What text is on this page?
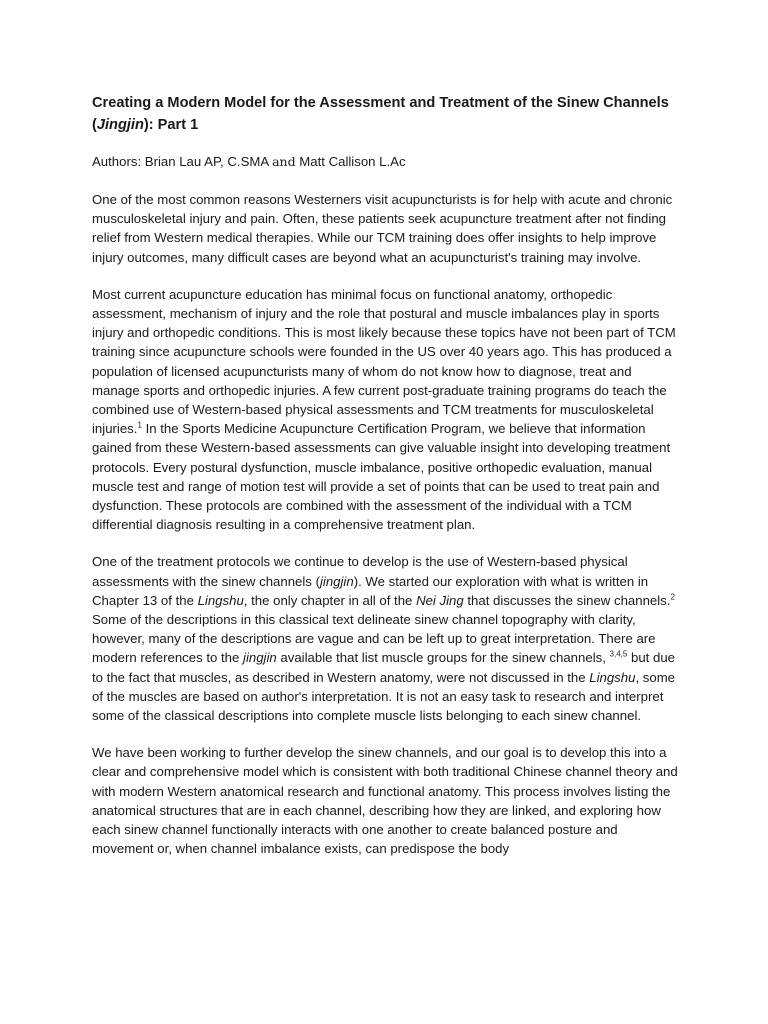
Creating a Modern Model for the Assessment and Treatment of the Sinew Channels (Jingjin): Part 1
Authors: Brian Lau AP, C.SMA and Matt Callison L.Ac

One of the most common reasons Westerners visit acupuncturists is for help with acute and chronic musculoskeletal injury and pain. Often, these patients seek acupuncture treatment after not finding relief from Western medical therapies. While our TCM training does offer insights to help improve injury outcomes, many difficult cases are beyond what an acupuncturist's training may involve.

Most current acupuncture education has minimal focus on functional anatomy, orthopedic assessment, mechanism of injury and the role that postural and muscle imbalances play in sports injury and orthopedic conditions. This is most likely because these topics have not been part of TCM training since acupuncture schools were founded in the US over 40 years ago. This has produced a population of licensed acupuncturists many of whom do not know how to diagnose, treat and manage sports and orthopedic injuries. A few current post-graduate training programs do teach the combined use of Western-based physical assessments and TCM treatments for musculoskeletal injuries.$^1$ In the Sports Medicine Acupuncture Certification Program, we believe that information gained from these Western-based assessments can give valuable insight into developing treatment protocols. Every postural dysfunction, muscle imbalance, positive orthopedic evaluation, manual muscle test and range of motion test will provide a set of points that can be used to treat pain and dysfunction. These protocols are combined with the assessment of the individual with a TCM differential diagnosis resulting in a comprehensive treatment plan.

One of the treatment protocols we continue to develop is the use of Western-based physical assessments with the sinew channels (jingjin). We started our exploration with what is written in Chapter 13 of the Lingshu, the only chapter in all of the Nei Jing that discusses the sinew channels.$^2$ Some of the descriptions in this classical text delineate sinew channel topography with clarity, however, many of the descriptions are vague and can be left up to great interpretation. There are modern references to the jingjin available that list muscle groups for the sinew channels, $^{3,4,5}$ but due to the fact that muscles, as described in Western anatomy, were not discussed in the Lingshu, some of the muscles are based on author's interpretation. It is not an easy task to research and interpret some of the classical descriptions into complete muscle lists belonging to each sinew channel.

We have been working to further develop the sinew channels, and our goal is to develop this into a clear and comprehensive model which is consistent with both traditional Chinese channel theory and with modern Western anatomical research and functional anatomy. This process involves listing the anatomical structures that are in each channel, describing how they are linked, and exploring how each sinew channel functionally interacts with one another to create balanced posture and movement or, when channel imbalance exists, can predispose the body
